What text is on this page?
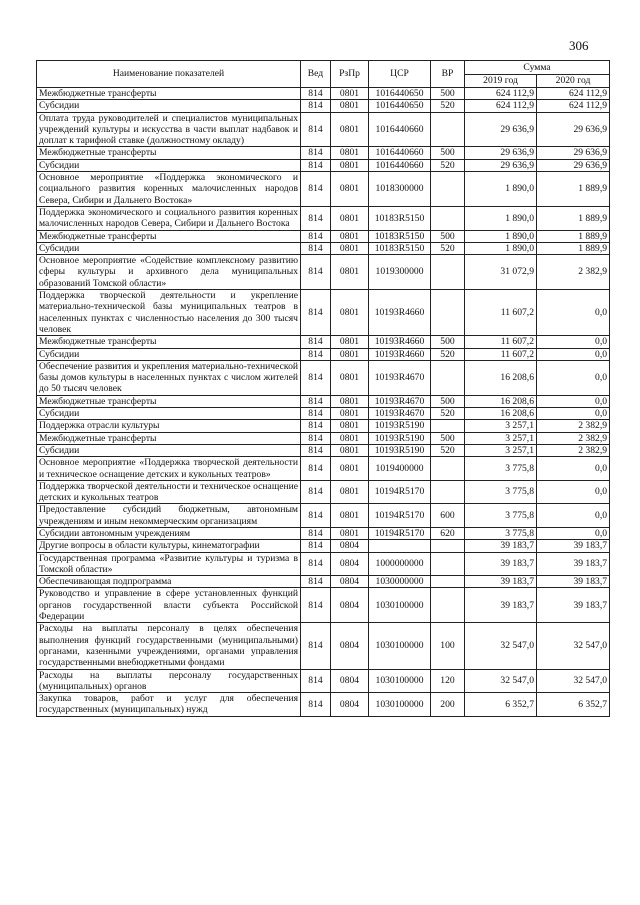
306
Наименование показателей	Вед	РзПр	ЦСР	ВР	Сумма	
					2019 год	2020 год
Межбюджетные трансферты	814	0801	1016440650	500	624 112,9	624 112,9
Субсидии	814	0801	1016440650	520	624 112,9	624 112,9
Оплата труда руководителей и специалистов муниципальных учреждений культуры и искусства в части выплат надбавок и доплат к тарифной ставке (должностному окладу)	814	0801	1016440660		29 636,9	29 636,9
Межбюджетные трансферты	814	0801	1016440660	500	29 636,9	29 636,9
Субсидии	814	0801	1016440660	520	29 636,9	29 636,9
Основное мероприятие «Поддержка экономического и социального развития коренных малочисленных народов Севера, Сибири и Дальнего Востока»	814	0801	1018300000		1 890,0	1 889,9
Поддержка экономического и социального развития коренных малочисленных народов Севера, Сибири и Дальнего Востока	814	0801	10183R5150		1 890,0	1 889,9
Межбюджетные трансферты	814	0801	10183R5150	500	1 890,0	1 889,9
Субсидии	814	0801	10183R5150	520	1 890,0	1 889,9
Основное мероприятие «Содействие комплексному развитию сферы культуры и архивного дела муниципальных образований Томской области»	814	0801	1019300000		31 072,9	2 382,9
Поддержка творческой деятельности и укрепление материально-технической базы муниципальных театров в населенных пунктах с численностью населения до 300 тысяч человек	814	0801	10193R4660		11 607,2	0,0
Межбюджетные трансферты	814	0801	10193R4660	500	11 607,2	0,0
Субсидии	814	0801	10193R4660	520	11 607,2	0,0
Обеспечение развития и укрепления материально-технической базы домов культуры в населенных пунктах с числом жителей до 50 тысяч человек	814	0801	10193R4670		16 208,6	0,0
Межбюджетные трансферты	814	0801	10193R4670	500	16 208,6	0,0
Субсидии	814	0801	10193R4670	520	16 208,6	0,0
Поддержка отрасли культуры	814	0801	10193R5190		3 257,1	2 382,9
Межбюджетные трансферты	814	0801	10193R5190	500	3 257,1	2 382,9
Субсидии	814	0801	10193R5190	520	3 257,1	2 382,9
Основное мероприятие «Поддержка творческой деятельности и техническое оснащение детских и кукольных театров»	814	0801	1019400000		3 775,8	0,0
Поддержка творческой деятельности и техническое оснащение детских и кукольных театров	814	0801	10194R5170		3 775,8	0,0
Предоставление субсидий бюджетным, автономным учреждениям и иным некоммерческим организациям	814	0801	10194R5170	600	3 775,8	0,0
Субсидии автономным учреждениям	814	0801	10194R5170	620	3 775,8	0,0
Другие вопросы в области культуры, кинематографии	814	0804			39 183,7	39 183,7
Государственная программа «Развитие культуры и туризма в Томской области»	814	0804	1000000000		39 183,7	39 183,7
Обеспечивающая подпрограмма	814	0804	1030000000		39 183,7	39 183,7
Руководство и управление в сфере установленных функций органов государственной власти субъекта Российской Федерации	814	0804	1030100000		39 183,7	39 183,7
Расходы на выплаты персоналу в целях обеспечения выполнения функций государственными (муниципальными) органами, казенными учреждениями, органами управления государственными внебюджетными фондами	814	0804	1030100000	100	32 547,0	32 547,0
Расходы на выплаты персоналу государственных (муниципальных) органов	814	0804	1030100000	120	32 547,0	32 547,0
Закупка товаров, работ и услуг для обеспечения государственных (муниципальных) нужд	814	0804	1030100000	200	6 352,7	6 352,7
